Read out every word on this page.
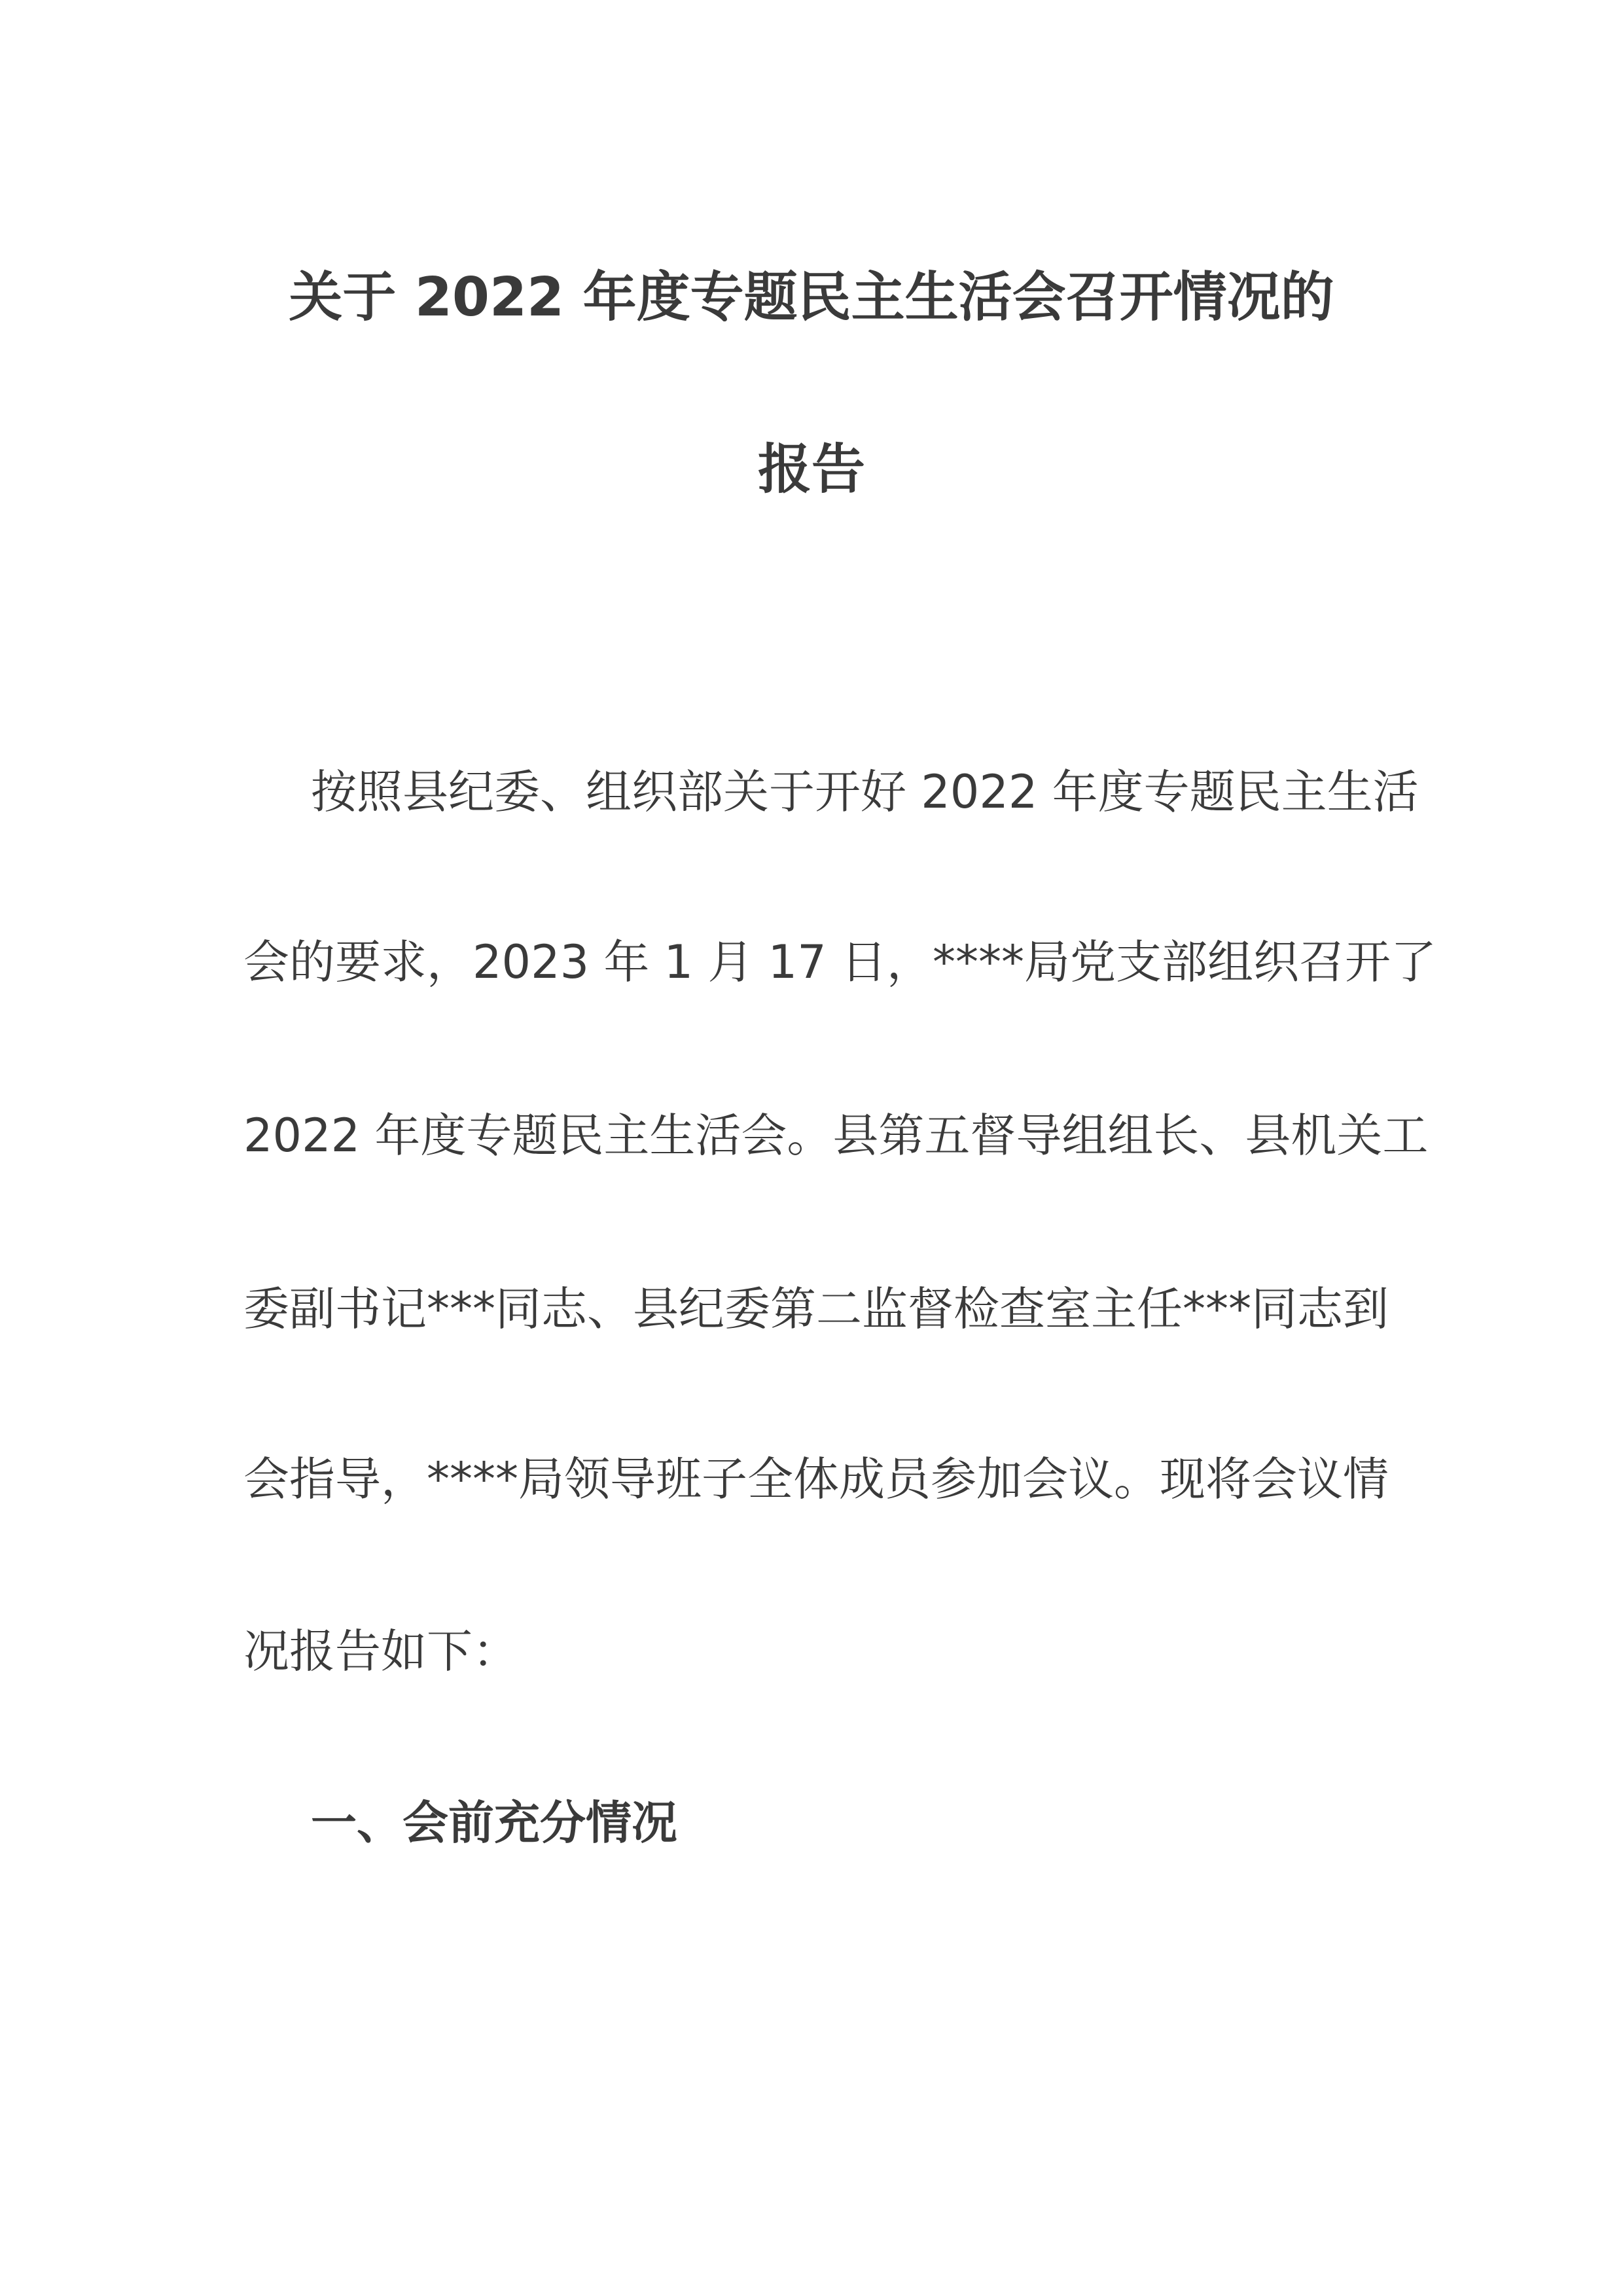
关于 2022 年度专题民主生活会召开情况的
报告
按照县纪委、组织部关于开好 2022 年度专题民主生活
会的要求，2023 年 1 月 17 日，****局党支部组织召开了
2022 年度专题民主生活会。县第五督导组组长、县机关工
委副书记***同志、县纪委第二监督检查室主任***同志到
会指导，****局领导班子全体成员参加会议。现将会议情
况报告如下：
一、会前充分情况
